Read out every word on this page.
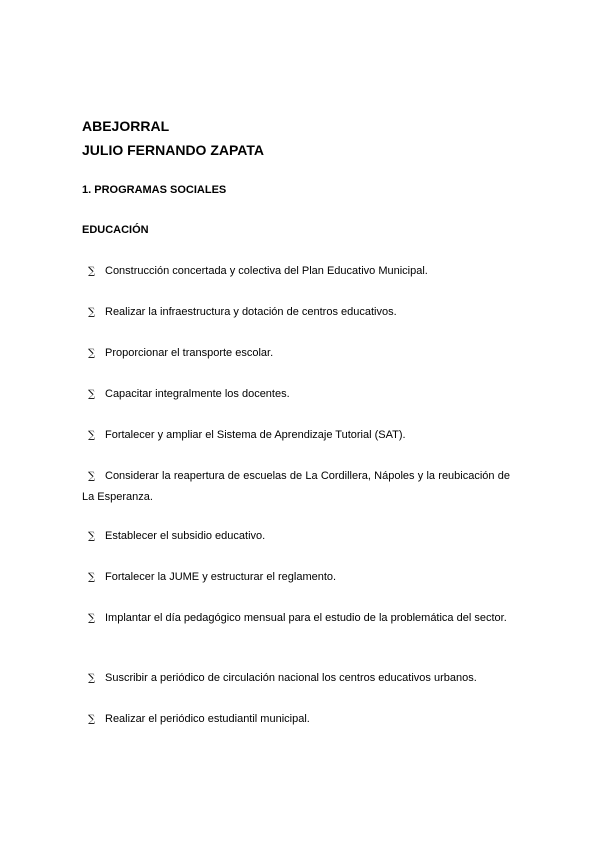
ABEJORRAL
JULIO FERNANDO ZAPATA
1. PROGRAMAS SOCIALES
EDUCACIÓN
∑ Construcción concertada y colectiva del Plan Educativo Municipal.
∑ Realizar la infraestructura y dotación de centros educativos.
∑ Proporcionar el transporte escolar.
∑ Capacitar integralmente los docentes.
∑ Fortalecer y ampliar el Sistema de Aprendizaje Tutorial (SAT).
∑ Considerar la reapertura de escuelas de La Cordillera, Nápoles y la reubicación de La Esperanza.
∑ Establecer el subsidio educativo.
∑ Fortalecer la JUME y estructurar el reglamento.
∑ Implantar el día pedagógico mensual para el estudio de la problemática del sector.
∑ Suscribir a periódico de circulación nacional los centros educativos urbanos.
∑ Realizar el periódico estudiantil municipal.
